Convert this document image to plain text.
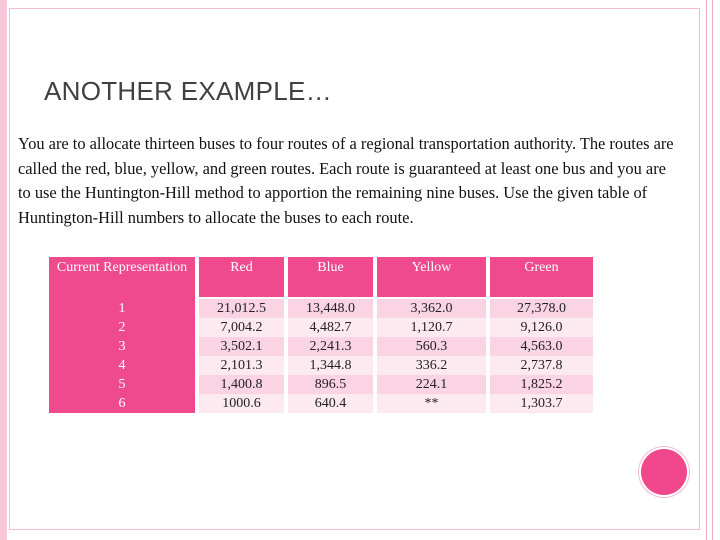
ANOTHER EXAMPLE…
You are to allocate thirteen buses to four routes of a regional transportation authority. The routes are called the red, blue, yellow, and green routes. Each route is guaranteed at least one bus and you are to use the Huntington-Hill method to apportion the remaining nine buses. Use the given table of Huntington-Hill numbers to allocate the buses to each route.
Current Representation		Red		Blue		Yellow		Green

1		21,012.5		13,448.0		3,362.0		27,378.0
2		7,004.2		4,482.7		1,120.7		9,126.0
3		3,502.1		2,241.3		560.3		4,563.0
4		2,101.3		1,344.8		336.2		2,737.8
5		1,400.8		896.5		224.1		1,825.2
6		1000.6		640.4		**		1,303.7
